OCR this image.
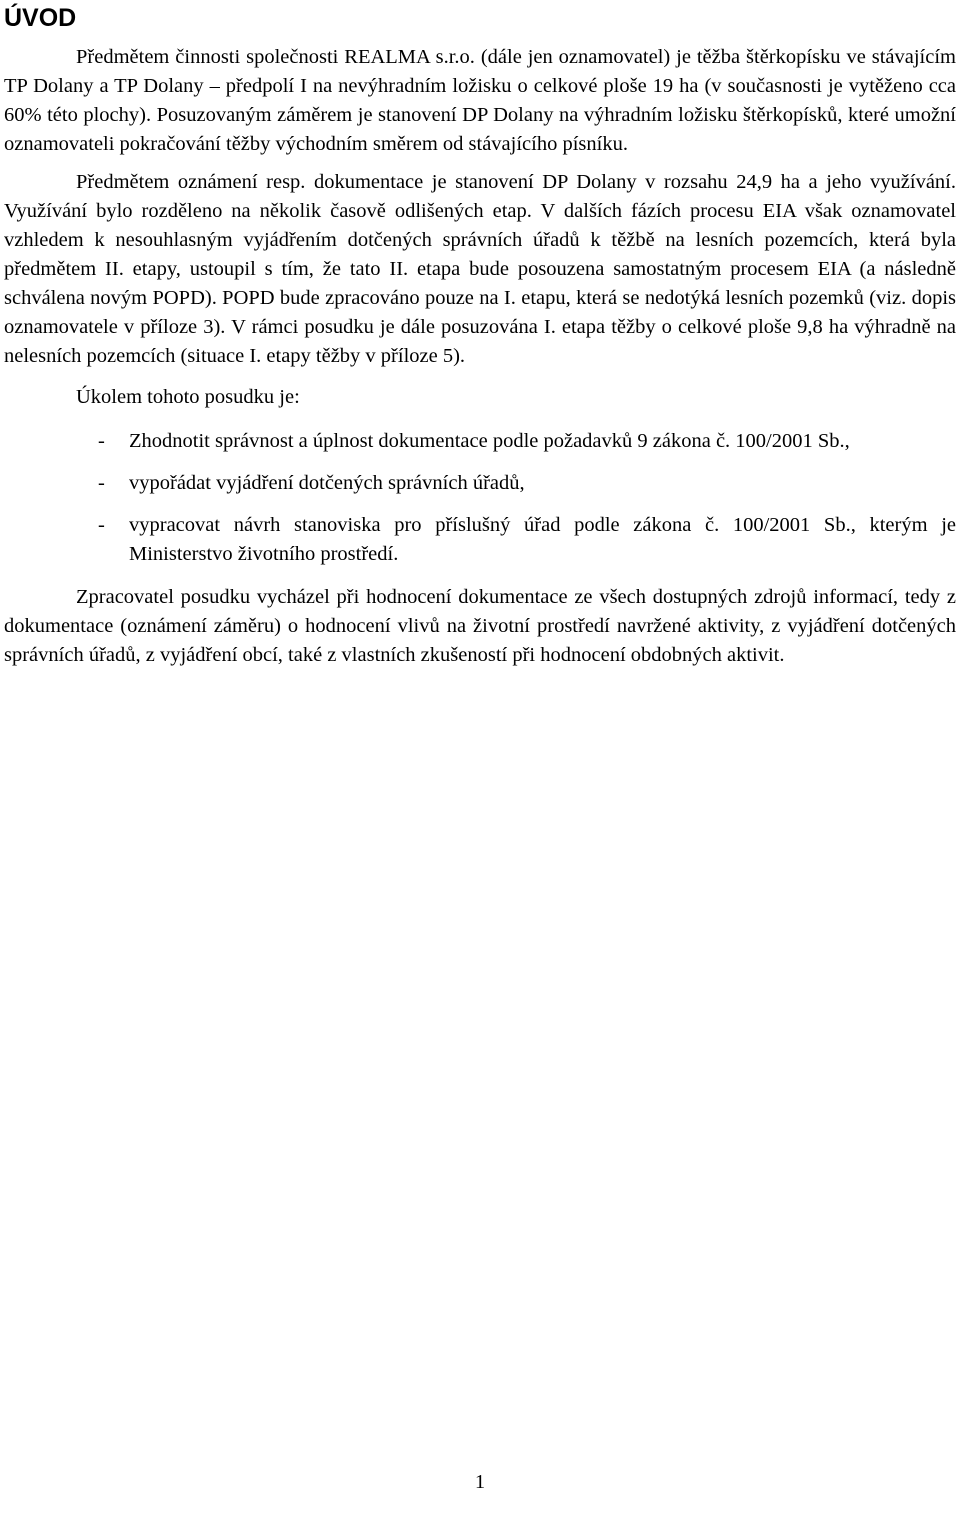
ÚVOD

Předmětem činnosti společnosti REALMA s.r.o. (dále jen oznamovatel) je těžba štěrkopísku ve stávajícím TP Dolany a TP Dolany – předpolí I na nevýhradním ložisku o celkové ploše 19 ha (v současnosti je vytěženo cca 60% této plochy). Posuzovaným záměrem je stanovení DP Dolany na výhradním ložisku štěrkopísků, které umožní oznamovateli pokračování těžby východním směrem od stávajícího písníku.

Předmětem oznámení resp. dokumentace je stanovení DP Dolany v rozsahu 24,9 ha a jeho využívání. Využívání bylo rozděleno na několik časově odlišených etap. V dalších fázích procesu EIA však oznamovatel vzhledem k nesouhlasným vyjádřením dotčených správních úřadů k těžbě na lesních pozemcích, která byla předmětem II. etapy, ustoupil s tím, že tato II. etapa bude posouzena samostatným procesem EIA (a následně schválena novým POPD). POPD bude zpracováno pouze na I. etapu, která se nedotýká lesních pozemků (viz. dopis oznamovatele v příloze 3). V rámci posudku je dále posuzována I. etapa těžby o celkové ploše 9,8 ha výhradně na nelesních pozemcích (situace I. etapy těžby v příloze 5).

Úkolem tohoto posudku je:

- Zhodnotit správnost a úplnost dokumentace podle požadavků 9 zákona č. 100/2001 Sb.,
- vypořádat vyjádření dotčených správních úřadů,
- vypracovat návrh stanoviska pro příslušný úřad podle zákona č. 100/2001 Sb., kterým je Ministerstvo životního prostředí.

Zpracovatel posudku vycházel při hodnocení dokumentace ze všech dostupných zdrojů informací, tedy z dokumentace (oznámení záměru) o hodnocení vlivů na životní prostředí navržené aktivity, z vyjádření dotčených správních úřadů, z vyjádření obcí, také z vlastních zkušeností při hodnocení obdobných aktivit.

1
